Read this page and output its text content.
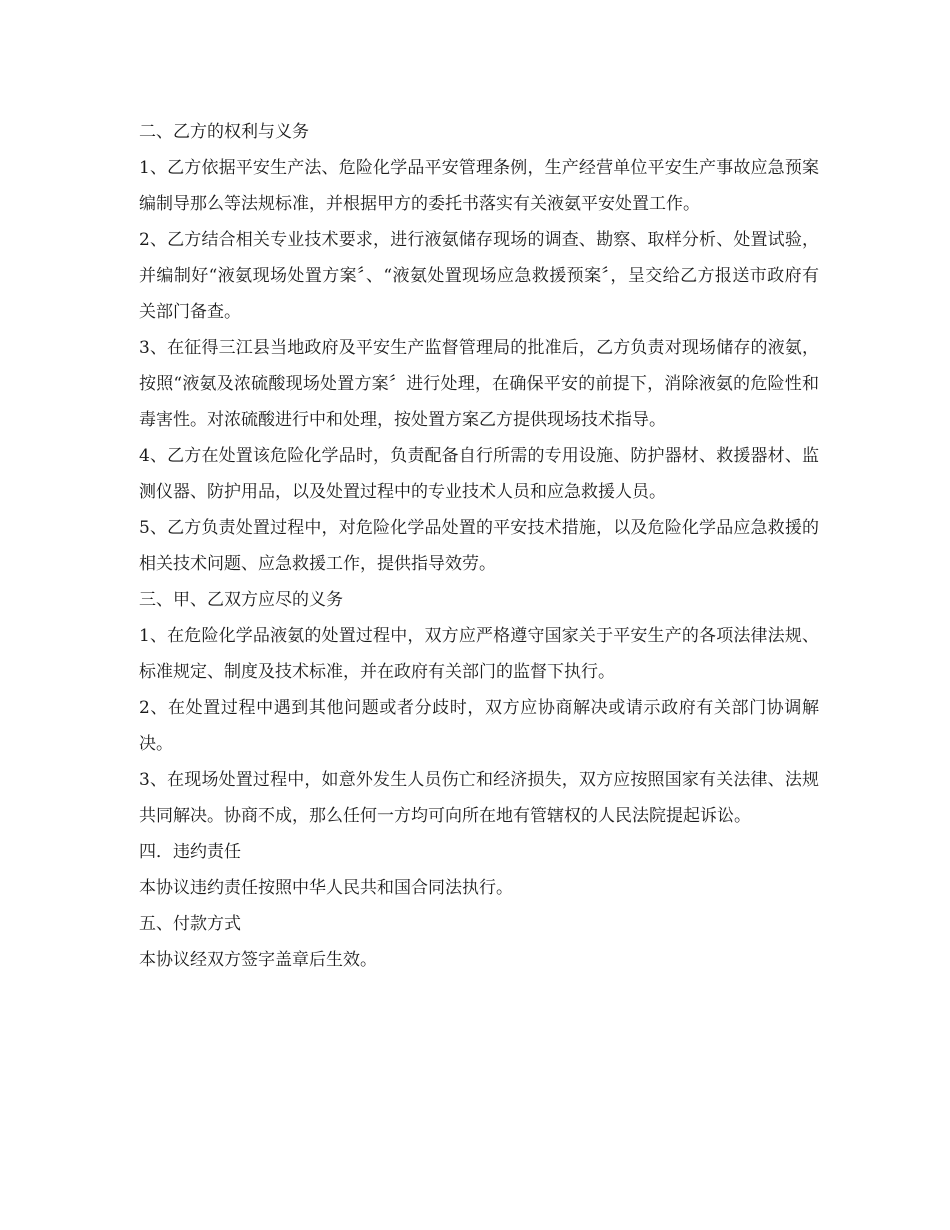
二、乙方的权利与义务

1、乙方依据平安生产法、危险化学品平安管理条例，生产经营单位平安生产事故应急预案编制导那么等法规标准，并根据甲方的委托书落实有关液氨平安处置工作。

2、乙方结合相关专业技术要求，进行液氨储存现场的调查、勘察、取样分析、处置试验，并编制好“液氨现场处置方案〞、“液氨处置现场应急救援预案〞，呈交给乙方报送市政府有关部门备查。

3、在征得三江县当地政府及平安生产监督管理局的批准后，乙方负责对现场储存的液氨，按照“液氨及浓硫酸现场处置方案〞进行处理，在确保平安的前提下，消除液氨的危险性和毒害性。对浓硫酸进行中和处理，按处置方案乙方提供现场技术指导。

4、乙方在处置该危险化学品时，负责配备自行所需的专用设施、防护器材、救援器材、监测仪器、防护用品，以及处置过程中的专业技术人员和应急救援人员。

5、乙方负责处置过程中，对危险化学品处置的平安技术措施，以及危险化学品应急救援的相关技术问题、应急救援工作，提供指导效劳。

三、甲、乙双方应尽的义务

1、在危险化学品液氨的处置过程中，双方应严格遵守国家关于平安生产的各项法律法规、标准规定、制度及技术标准，并在政府有关部门的监督下执行。

2、在处置过程中遇到其他问题或者分歧时，双方应协商解决或请示政府有关部门协调解决。

3、在现场处置过程中，如意外发生人员伤亡和经济损失，双方应按照国家有关法律、法规共同解决。协商不成，那么任何一方均可向所在地有管辖权的人民法院提起诉讼。

四．违约责任

本协议违约责任按照中华人民共和国合同法执行。

五、付款方式

本协议经双方签字盖章后生效。
